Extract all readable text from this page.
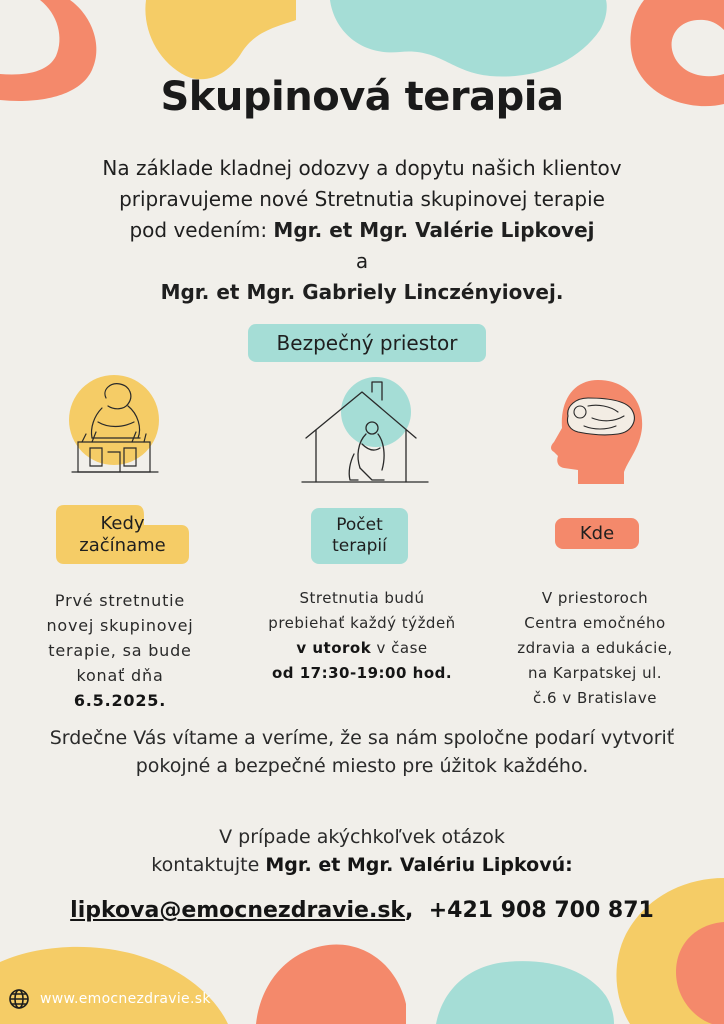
Skupinová terapia
Na základe kladnej odozvy a dopytu našich klientov
pripravujeme nové Stretnutia skupinovej terapie
pod vedením: Mgr. et Mgr. Valérie Lipkovej
a
Mgr. et Mgr. Gabriely Linczényiovej.
Bezpečný priestor
Kedy
začíname
Počet
terapií
Kde
Prvé stretnutie
novej skupinovej
terapie, sa bude
konať dňa
6.5.2025.
Stretnutia budú
prebiehať každý týždeň
v utorok v čase
od 17:30-19:00 hod.
V priestoroch
Centra emočného
zdravia a edukácie,
na Karpatskej ul.
č.6 v Bratislave
Srdečne Vás vítame a veríme, že sa nám spoločne podarí vytvoriť
pokojné a bezpečné miesto pre úžitok každého.
V prípade akýchkoľvek otázok
kontaktujte Mgr. et Mgr. Valériu Lipkovú:
lipkova@emocnezdravie.sk, +421 908 700 871
www.emocnezdravie.sk
